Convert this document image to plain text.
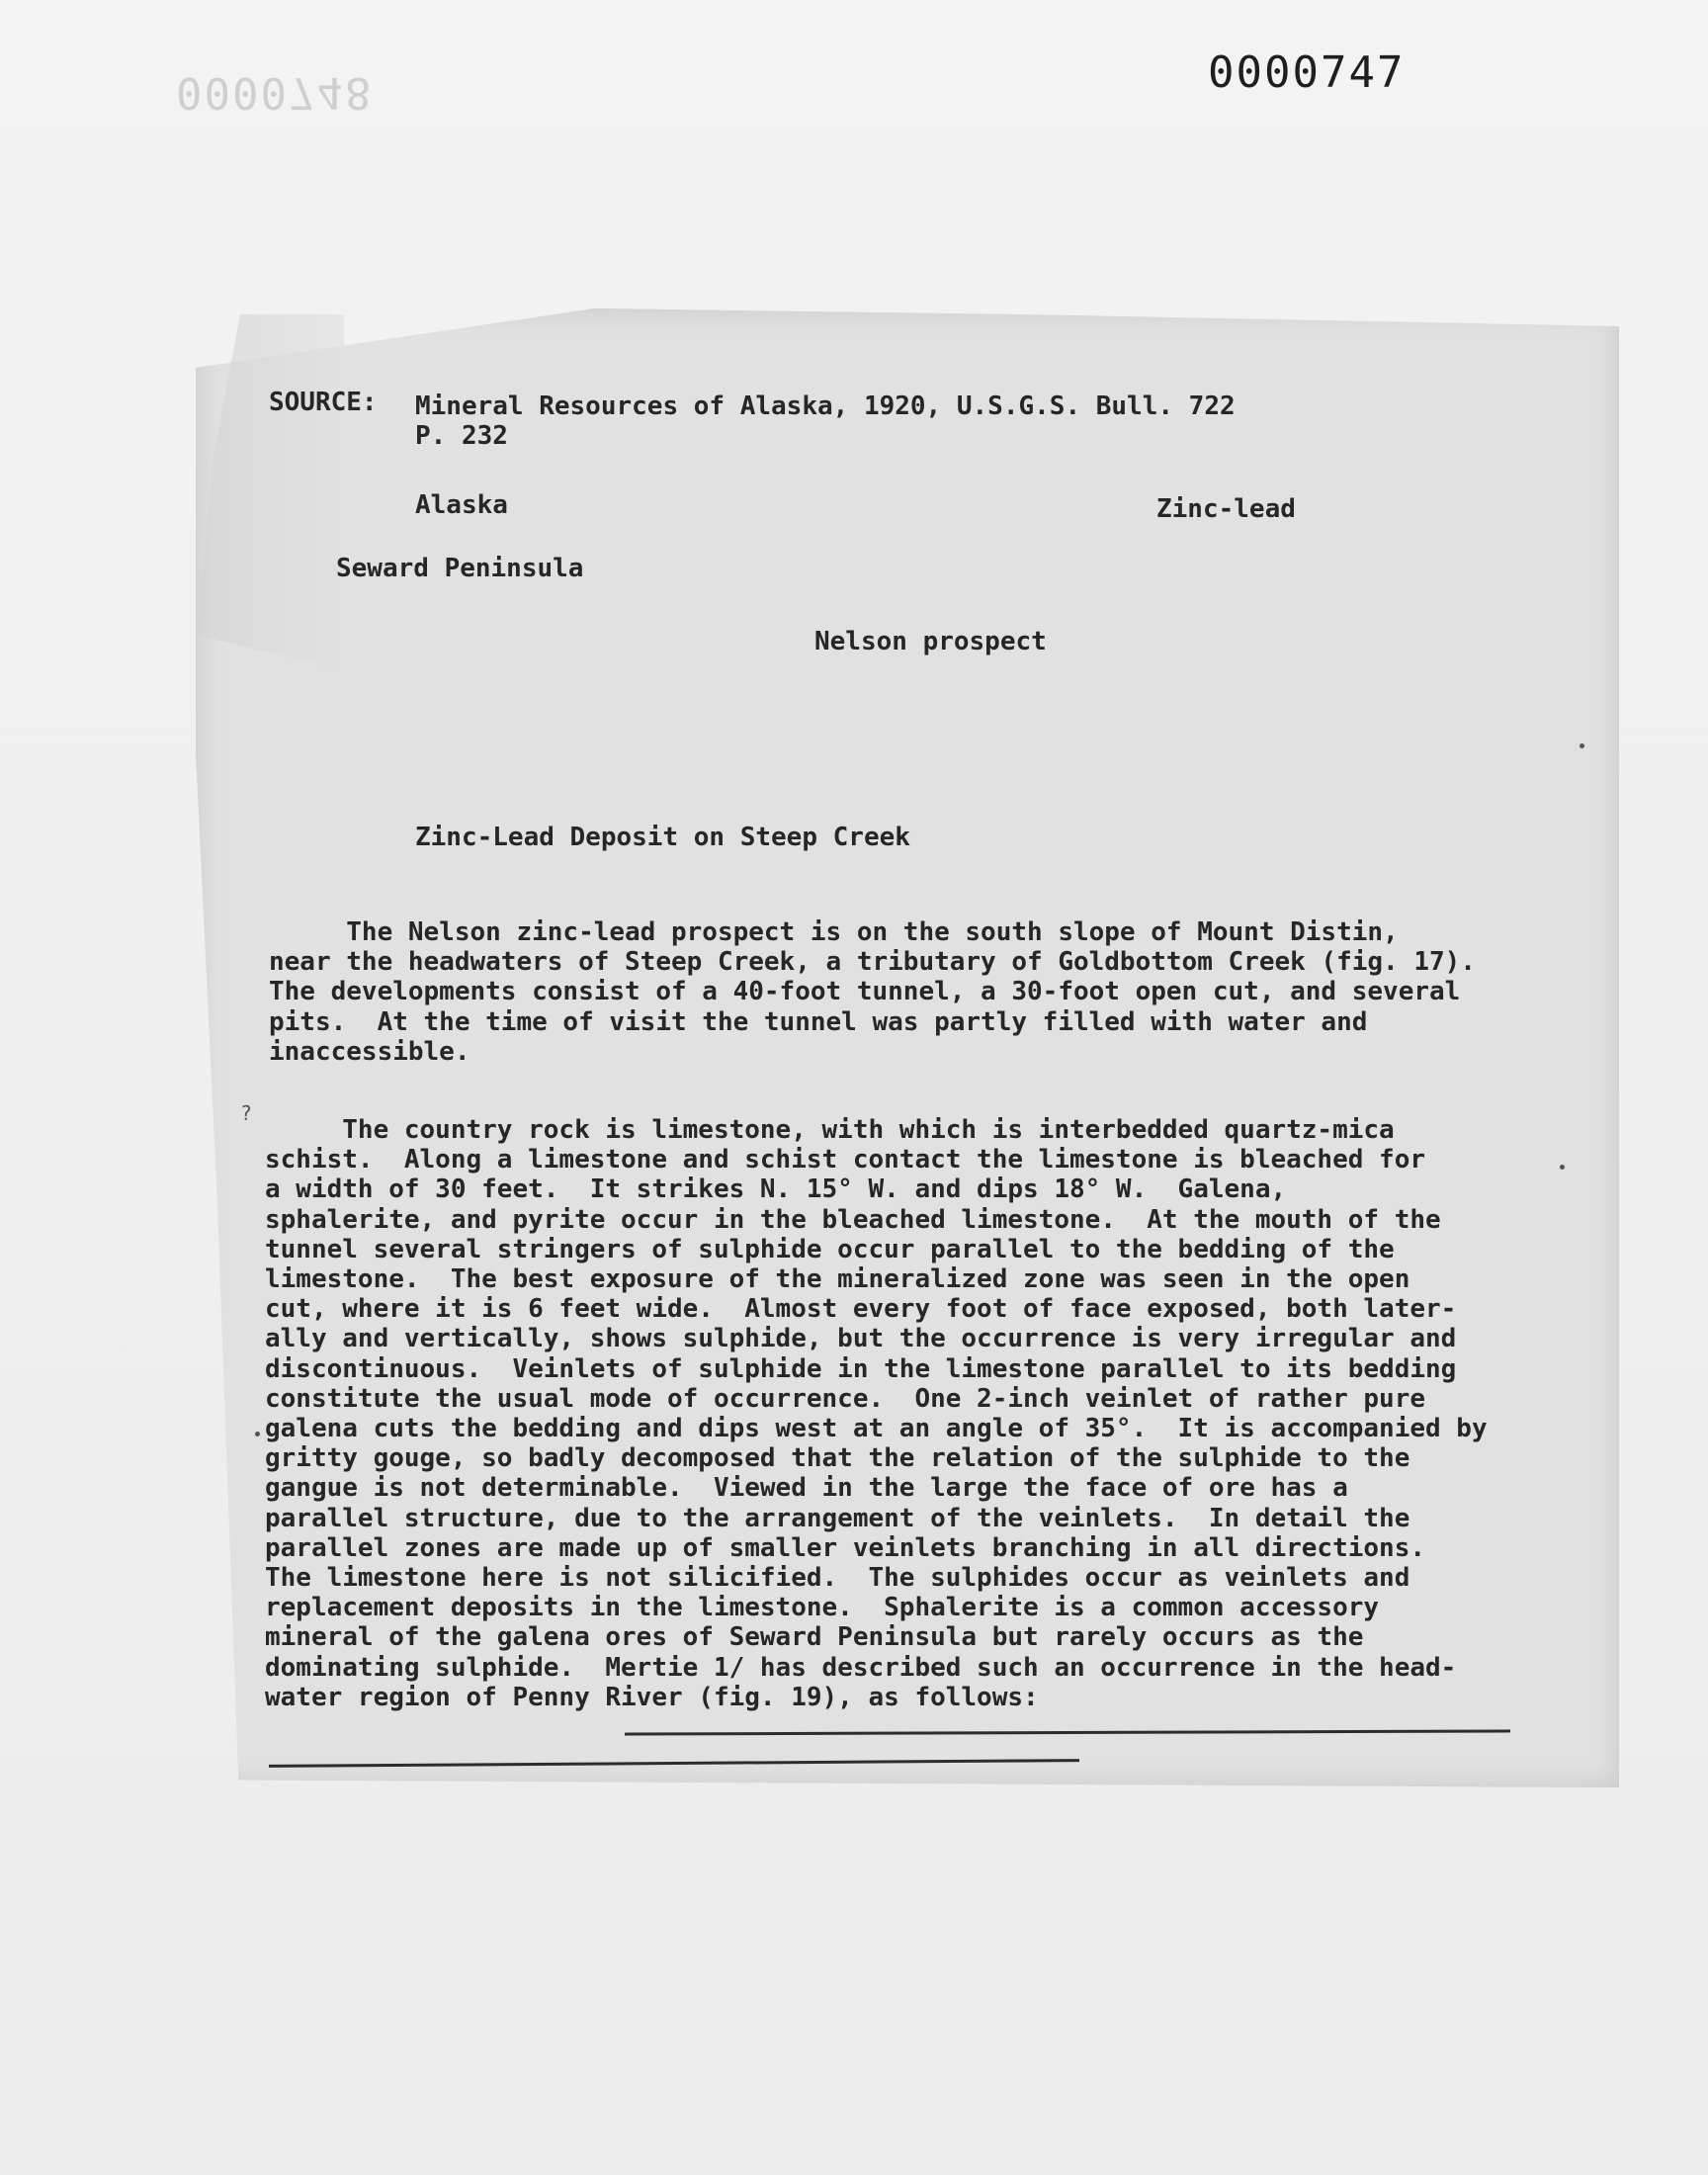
0000748	0000747
SOURCE: Mineral Resources of Alaska, 1920, U.S.G.S. Bull. 722
P. 232
Alaska	Zinc-lead
Seward Peninsula
Nelson prospect
Zinc-Lead Deposit on Steep Creek
The Nelson zinc-lead prospect is on the south slope of Mount Distin,
near the headwaters of Steep Creek, a tributary of Goldbottom Creek (fig. 17).
The developments consist of a 40-foot tunnel, a 30-foot open cut, and several
pits.  At the time of visit the tunnel was partly filled with water and
inaccessible.
?
The country rock is limestone, with which is interbedded quartz-mica
schist.  Along a limestone and schist contact the limestone is bleached for
a width of 30 feet.  It strikes N. 15° W. and dips 18° W.  Galena,
sphalerite, and pyrite occur in the bleached limestone.  At the mouth of the
tunnel several stringers of sulphide occur parallel to the bedding of the
limestone.  The best exposure of the mineralized zone was seen in the open
cut, where it is 6 feet wide.  Almost every foot of face exposed, both later-
ally and vertically, shows sulphide, but the occurrence is very irregular and
discontinuous.  Veinlets of sulphide in the limestone parallel to its bedding
constitute the usual mode of occurrence.  One 2-inch veinlet of rather pure
galena cuts the bedding and dips west at an angle of 35°.  It is accompanied by
gritty gouge, so badly decomposed that the relation of the sulphide to the
gangue is not determinable.  Viewed in the large the face of ore has a
parallel structure, due to the arrangement of the veinlets.  In detail the
parallel zones are made up of smaller veinlets branching in all directions.
The limestone here is not silicified.  The sulphides occur as veinlets and
replacement deposits in the limestone.  Sphalerite is a common accessory
mineral of the galena ores of Seward Peninsula but rarely occurs as the
dominating sulphide.  Mertie 1/ has described such an occurrence in the head-
water region of Penny River (fig. 19), as follows:
